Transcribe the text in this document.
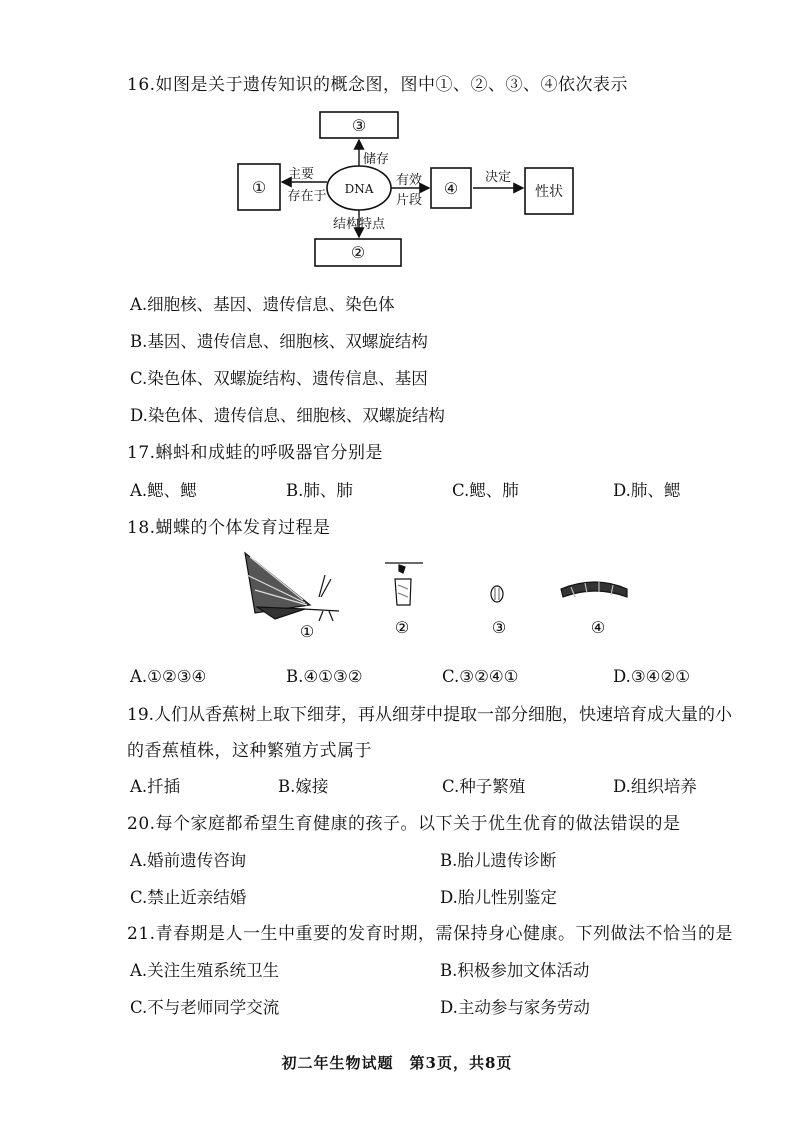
16.如图是关于遗传知识的概念图，图中①、②、③、④依次表示
③
①
②
④	性状
DNA
储存
主要
存在于
有效
片段
结构特点
决定
A.细胞核、基因、遗传信息、染色体
B.基因、遗传信息、细胞核、双螺旋结构
C.染色体、双螺旋结构、遗传信息、基因
D.染色体、遗传信息、细胞核、双螺旋结构
17.蝌蚪和成蛙的呼吸器官分别是
A.鳃、鳃	B.肺、肺	C.鳃、肺	D.肺、鳃
18.蝴蝶的个体发育过程是
①	②	③	④
A.①②③④	B.④①③②	C.③②④①	D.③④②①
19.人们从香蕉树上取下细芽，再从细芽中提取一部分细胞，快速培育成大量的小
的香蕉植株，这种繁殖方式属于
A.扦插	B.嫁接	C.种子繁殖	D.组织培养
20.每个家庭都希望生育健康的孩子。以下关于优生优育的做法错误的是
A.婚前遗传咨询	B.胎儿遗传诊断
C.禁止近亲结婚	D.胎儿性别鉴定
21.青春期是人一生中重要的发育时期，需保持身心健康。下列做法不恰当的是
A.关注生殖系统卫生	B.积极参加文体活动
C.不与老师同学交流	D.主动参与家务劳动
初二年生物试题　第3页，共8页
